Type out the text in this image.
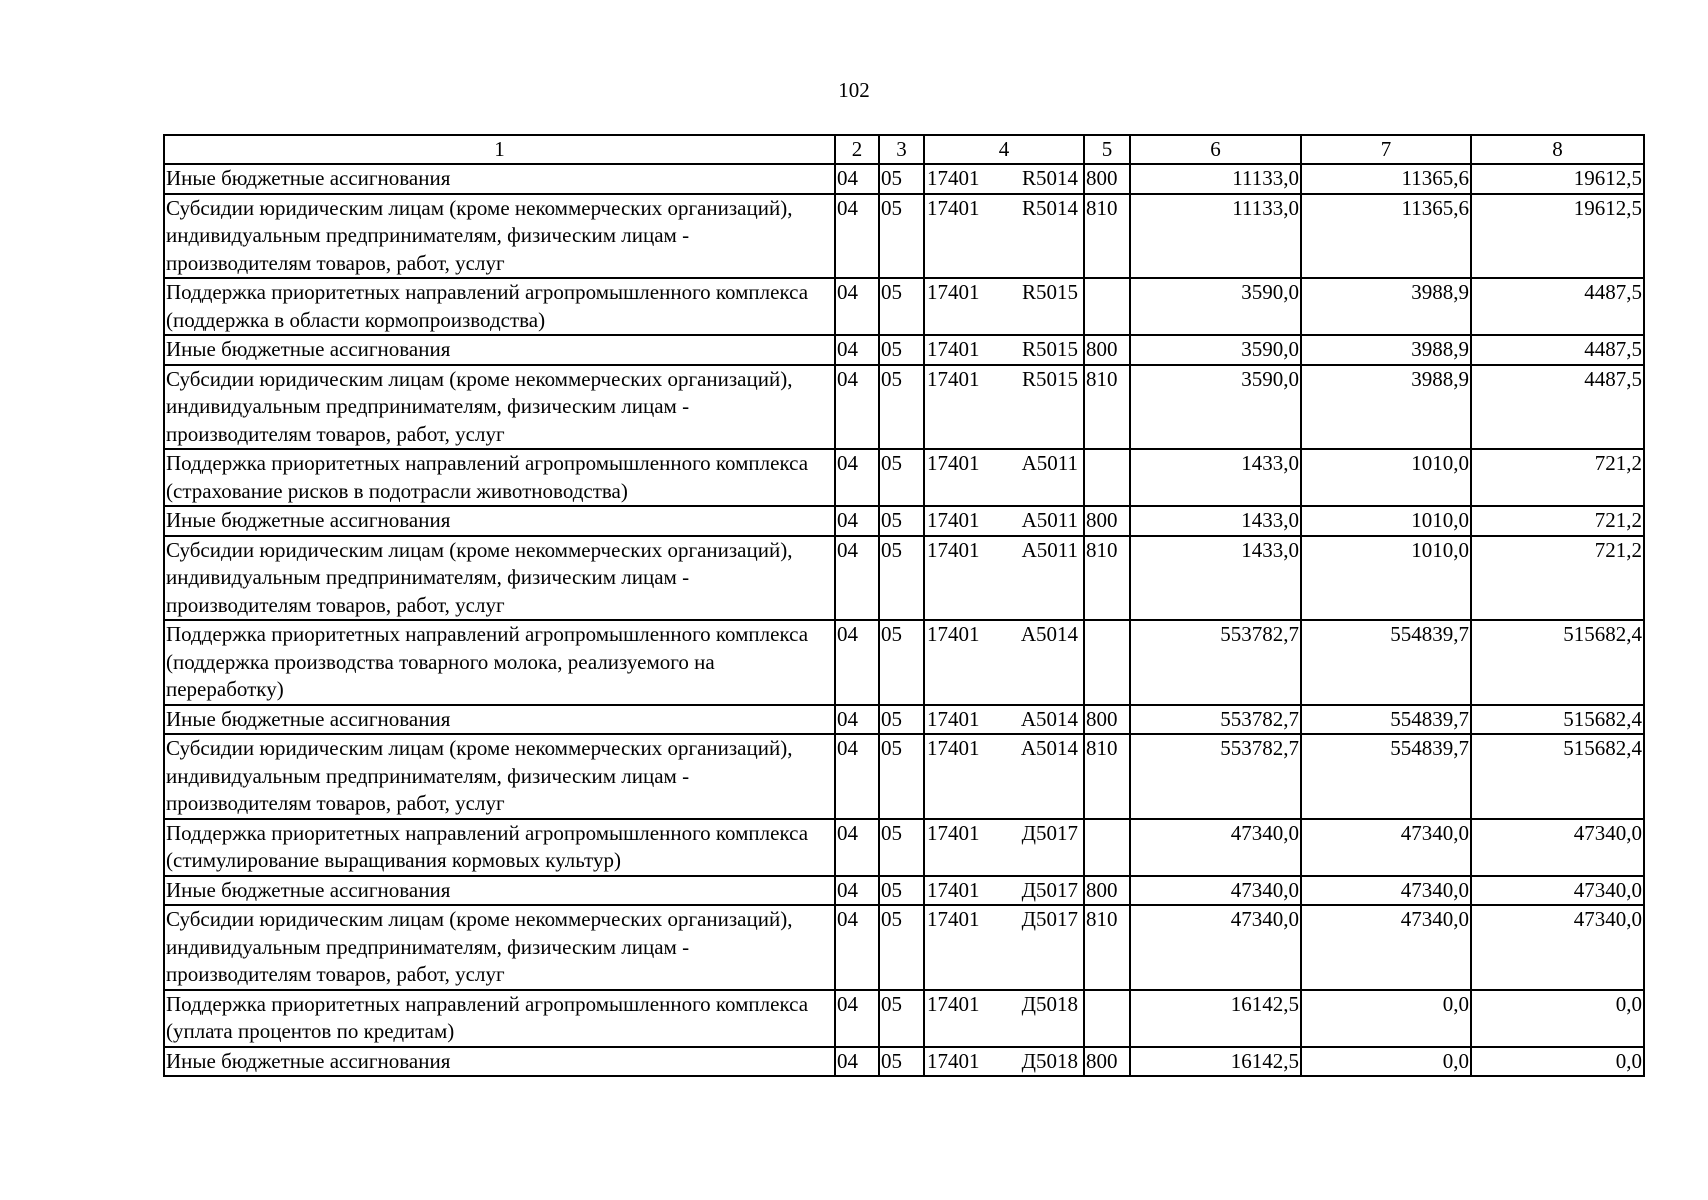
102
1	2	3	4	5	6	7	8
Иные бюджетные ассигнования	04	05	17401 R5014	800	11133,0	11365,6	19612,5
Субсидии юридическим лицам (кроме некоммерческих организаций), индивидуальным предпринимателям, физическим лицам - производителям товаров, работ, услуг	04	05	17401 R5014	810	11133,0	11365,6	19612,5
Поддержка приоритетных направлений агропромышленного комплекса (поддержка в области кормопроизводства)	04	05	17401 R5015		3590,0	3988,9	4487,5
Иные бюджетные ассигнования	04	05	17401 R5015	800	3590,0	3988,9	4487,5
Субсидии юридическим лицам (кроме некоммерческих организаций), индивидуальным предпринимателям, физическим лицам - производителям товаров, работ, услуг	04	05	17401 R5015	810	3590,0	3988,9	4487,5
Поддержка приоритетных направлений агропромышленного комплекса (страхование рисков в подотрасли животноводства)	04	05	17401 А5011		1433,0	1010,0	721,2
Иные бюджетные ассигнования	04	05	17401 А5011	800	1433,0	1010,0	721,2
Субсидии юридическим лицам (кроме некоммерческих организаций), индивидуальным предпринимателям, физическим лицам - производителям товаров, работ, услуг	04	05	17401 А5011	810	1433,0	1010,0	721,2
Поддержка приоритетных направлений агропромышленного комплекса (поддержка производства товарного молока, реализуемого на переработку)	04	05	17401 А5014		553782,7	554839,7	515682,4
Иные бюджетные ассигнования	04	05	17401 А5014	800	553782,7	554839,7	515682,4
Субсидии юридическим лицам (кроме некоммерческих организаций), индивидуальным предпринимателям, физическим лицам - производителям товаров, работ, услуг	04	05	17401 А5014	810	553782,7	554839,7	515682,4
Поддержка приоритетных направлений агропромышленного комплекса (стимулирование выращивания кормовых культур)	04	05	17401 Д5017		47340,0	47340,0	47340,0
Иные бюджетные ассигнования	04	05	17401 Д5017	800	47340,0	47340,0	47340,0
Субсидии юридическим лицам (кроме некоммерческих организаций), индивидуальным предпринимателям, физическим лицам - производителям товаров, работ, услуг	04	05	17401 Д5017	810	47340,0	47340,0	47340,0
Поддержка приоритетных направлений агропромышленного комплекса (уплата процентов по кредитам)	04	05	17401 Д5018		16142,5	0,0	0,0
Иные бюджетные ассигнования	04	05	17401 Д5018	800	16142,5	0,0	0,0
